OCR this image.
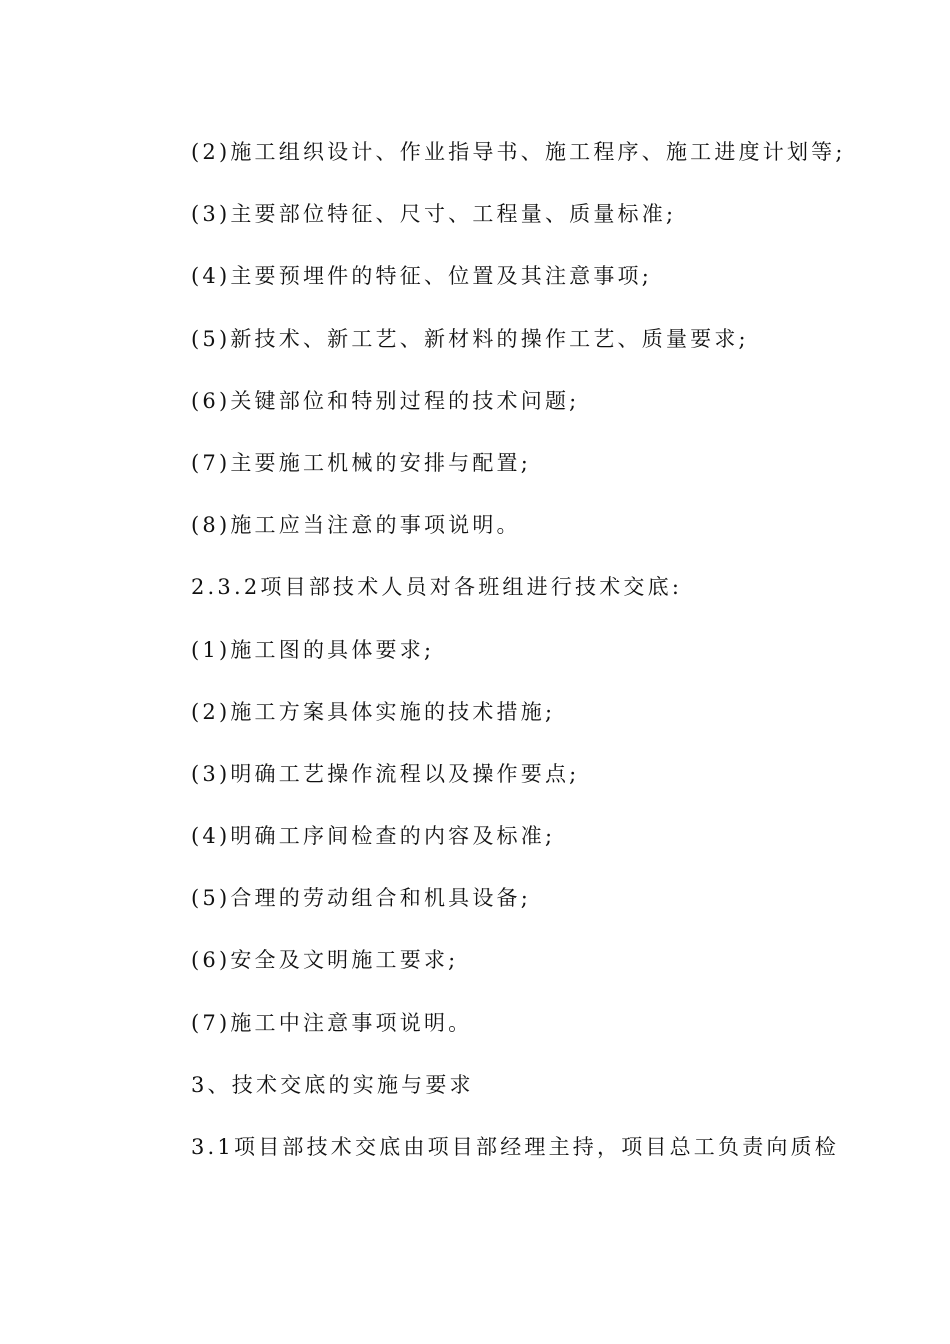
(2)施工组织设计、作业指导书、施工程序、施工进度计划等;
(3)主要部位特征、尺寸、工程量、质量标准;
(4)主要预埋件的特征、位置及其注意事项;
(5)新技术、新工艺、新材料的操作工艺、质量要求;
(6)关键部位和特别过程的技术问题;
(7)主要施工机械的安排与配置;
(8)施工应当注意的事项说明。
2.3.2项目部技术人员对各班组进行技术交底:
(1)施工图的具体要求;
(2)施工方案具体实施的技术措施;
(3)明确工艺操作流程以及操作要点;
(4)明确工序间检查的内容及标准;
(5)合理的劳动组合和机具设备;
(6)安全及文明施工要求;
(7)施工中注意事项说明。
3、技术交底的实施与要求
3.1项目部技术交底由项目部经理主持，项目总工负责向质检
